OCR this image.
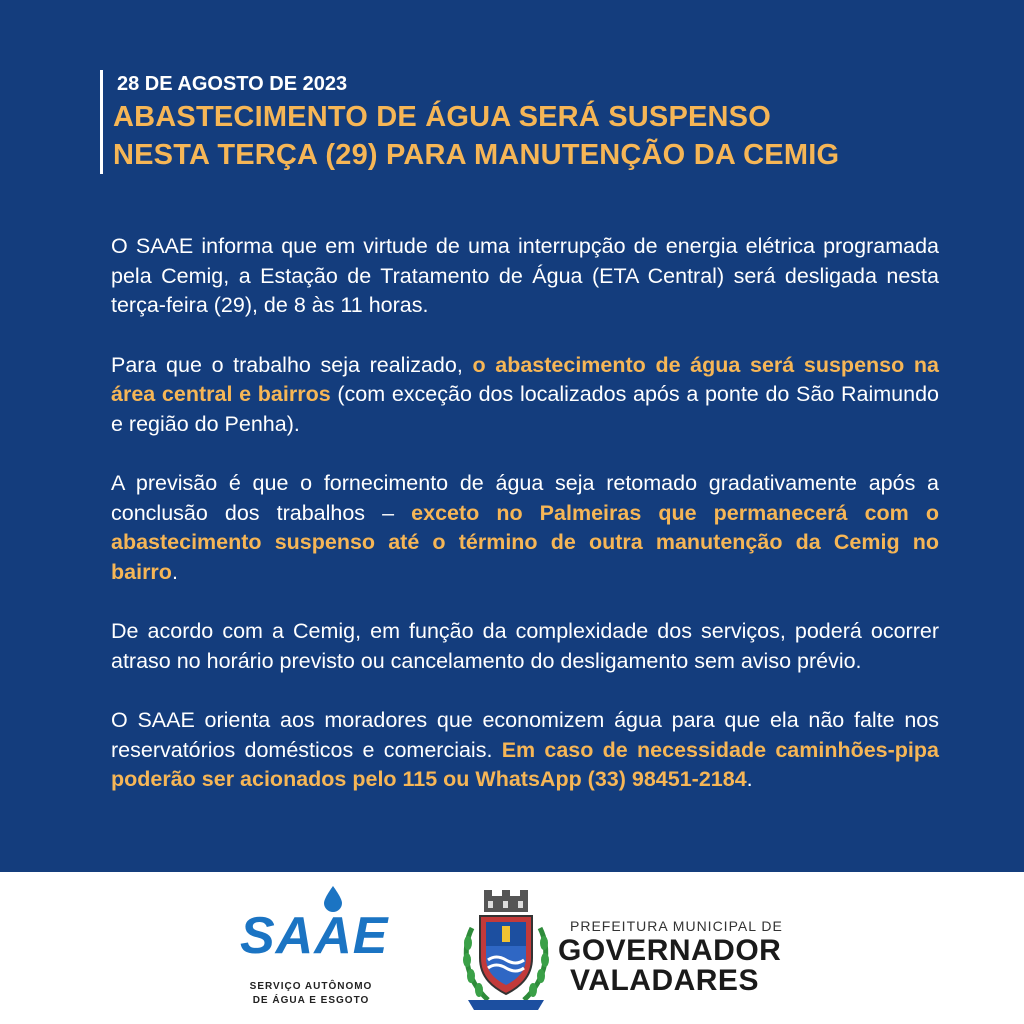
28 DE AGOSTO DE 2023
ABASTECIMENTO DE ÁGUA SERÁ SUSPENSO
NESTA TERÇA (29) PARA MANUTENÇÃO DA CEMIG

O SAAE informa que em virtude de uma interrupção de energia elétrica programada pela Cemig, a Estação de Tratamento de Água (ETA Central) será desligada nesta terça-feira (29), de 8 às 11 horas.

Para que o trabalho seja realizado, o abastecimento de água será suspenso na área central e bairros (com exceção dos localizados após a ponte do São Raimundo e região do Penha).

A previsão é que o fornecimento de água seja retomado gradativamente após a conclusão dos trabalhos – exceto no Palmeiras que permanecerá com o abastecimento suspenso até o término de outra manutenção da Cemig no bairro.

De acordo com a Cemig, em função da complexidade dos serviços, poderá ocorrer atraso no horário previsto ou cancelamento do desligamento sem aviso prévio.

O SAAE orienta aos moradores que economizem água para que ela não falte nos reservatórios domésticos e comerciais. Em caso de necessidade caminhões-pipa poderão ser acionados pelo 115 ou WhatsApp (33) 98451-2184.

SAAE
SERVIÇO AUTÔNOMO
DE ÁGUA E ESGOTO
PREFEITURA MUNICIPAL DE
GOVERNADOR
VALADARES
